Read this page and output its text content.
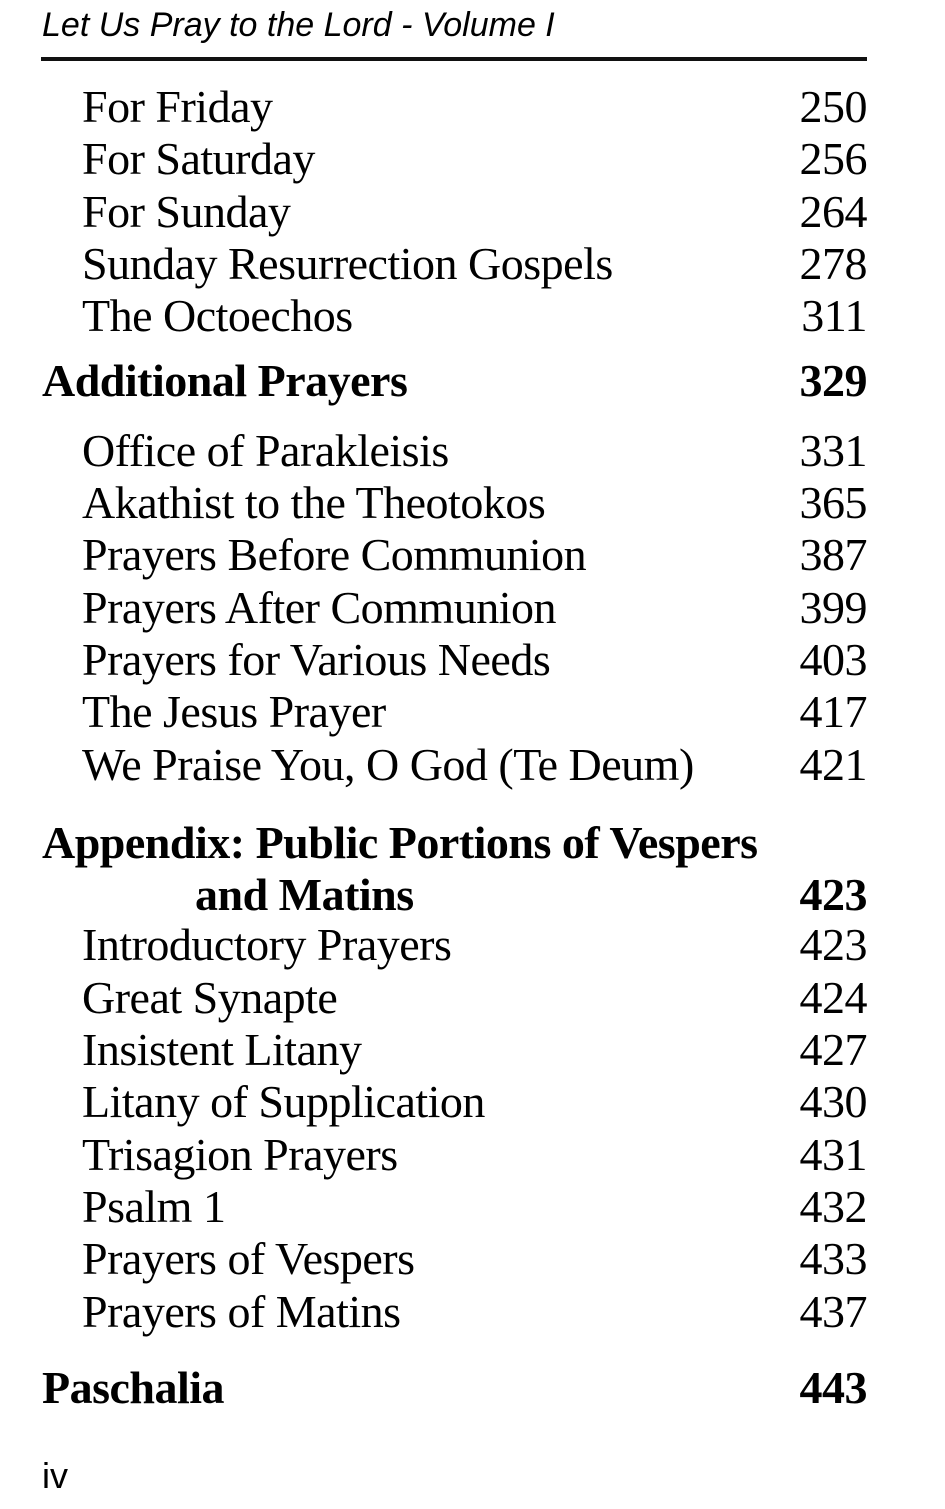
Let Us Pray to the Lord - Volume I
For Friday	250
For Saturday	256
For Sunday	264
Sunday Resurrection Gospels	278
The Octoechos	311
Additional Prayers	329
Office of Parakleisis	331
Akathist to the Theotokos	365
Prayers Before Communion	387
Prayers After Communion	399
Prayers for Various Needs	403
The Jesus Prayer	417
We Praise You, O God (Te Deum)	421
Appendix: Public Portions of Vespers
and Matins	423
Introductory Prayers	423
Great Synapte	424
Insistent Litany	427
Litany of Supplication	430
Trisagion Prayers	431
Psalm 1	432
Prayers of Vespers	433
Prayers of Matins	437
Paschalia	443
iv
